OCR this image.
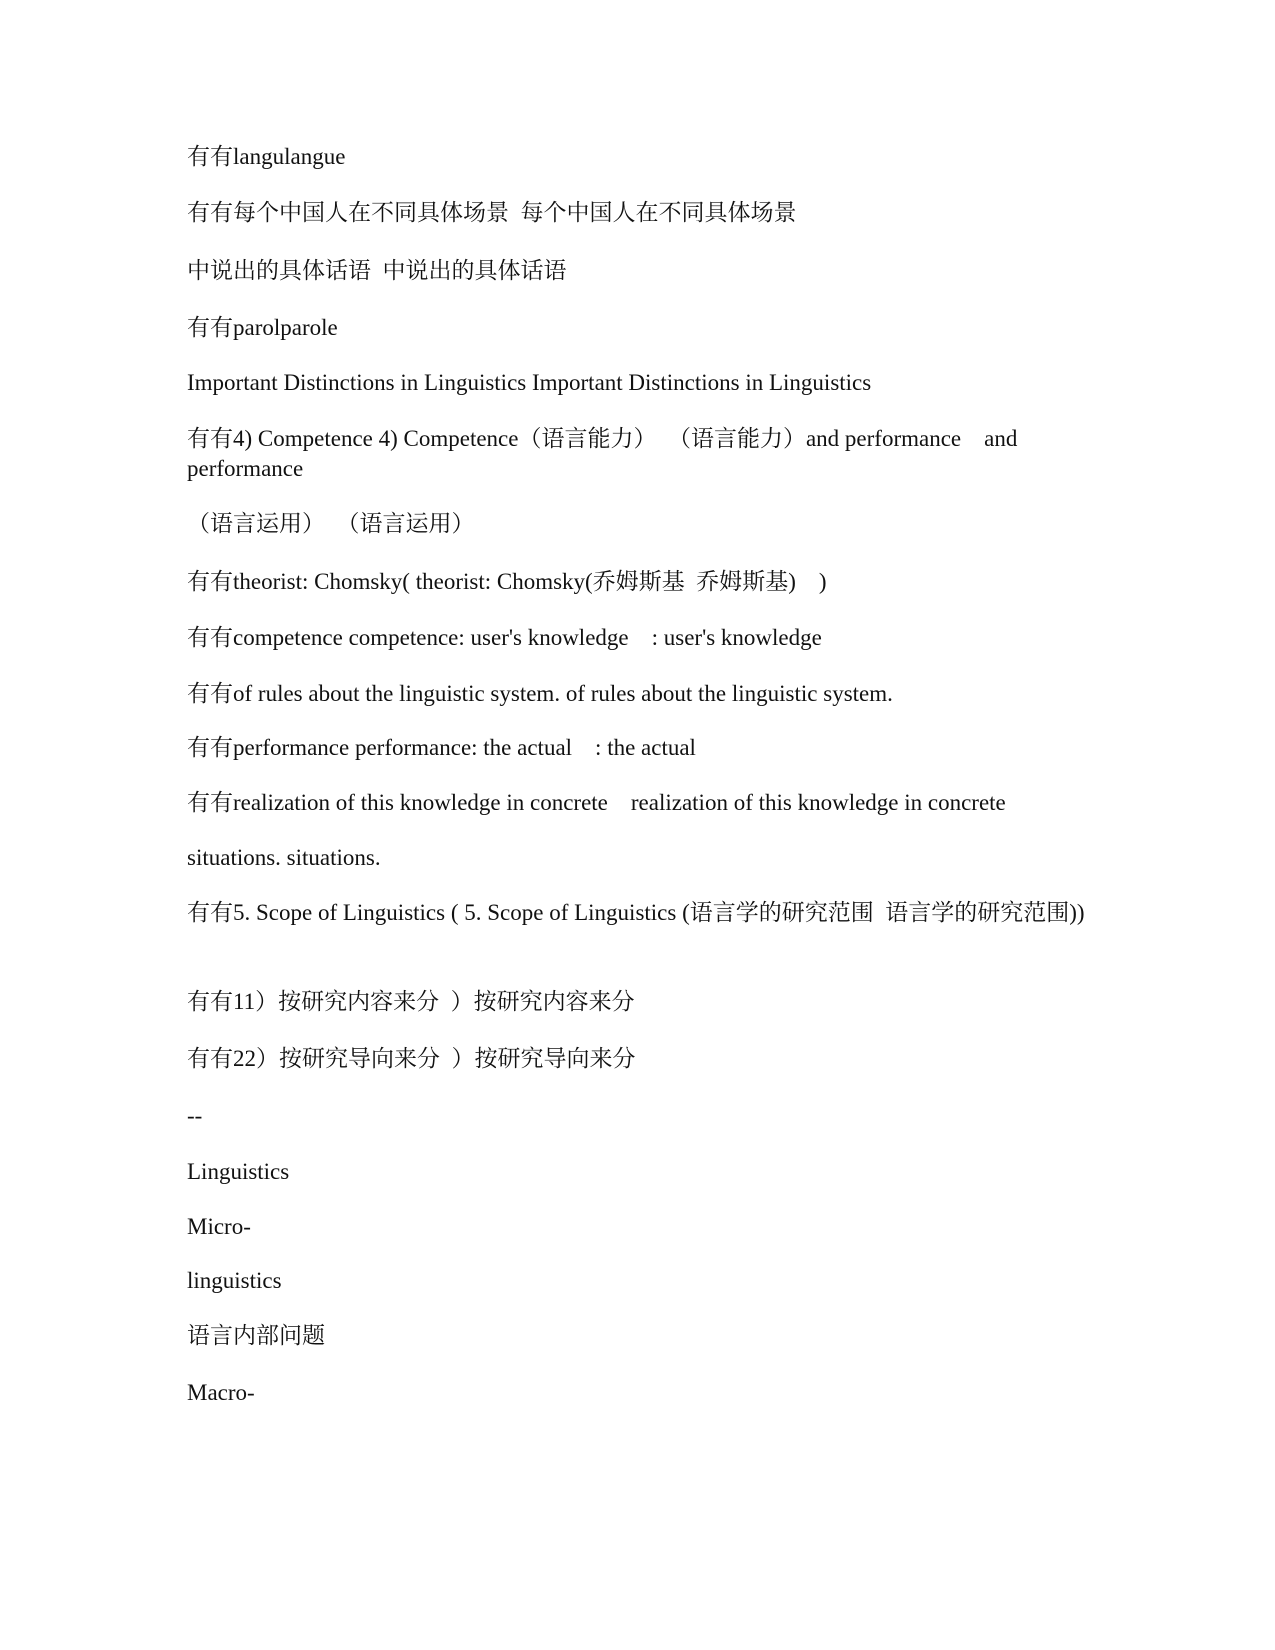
有有langulangue

有有每个中国人在不同具体场景  每个中国人在不同具体场景

中说出的具体话语  中说出的具体话语

有有parolparole

Important Distinctions in Linguistics Important Distinctions in Linguistics

有有4) Competence 4) Competence（语言能力）  （语言能力）and performance    and performance

（语言运用）  （语言运用）

有有theorist: Chomsky( theorist: Chomsky(乔姆斯基  乔姆斯基)    )

有有competence competence: user's knowledge    : user's knowledge

有有of rules about the linguistic system. of rules about the linguistic system.

有有performance performance: the actual    : the actual

有有realization of this knowledge in concrete    realization of this knowledge in concrete

situations. situations.

有有5. Scope of Linguistics ( 5. Scope of Linguistics (语言学的研究范围  语言学的研究范围))

有有11）按研究内容来分  ）按研究内容来分

有有22）按研究导向来分  ）按研究导向来分

--

Linguistics

Micro-

linguistics

语言内部问题

Macro-
